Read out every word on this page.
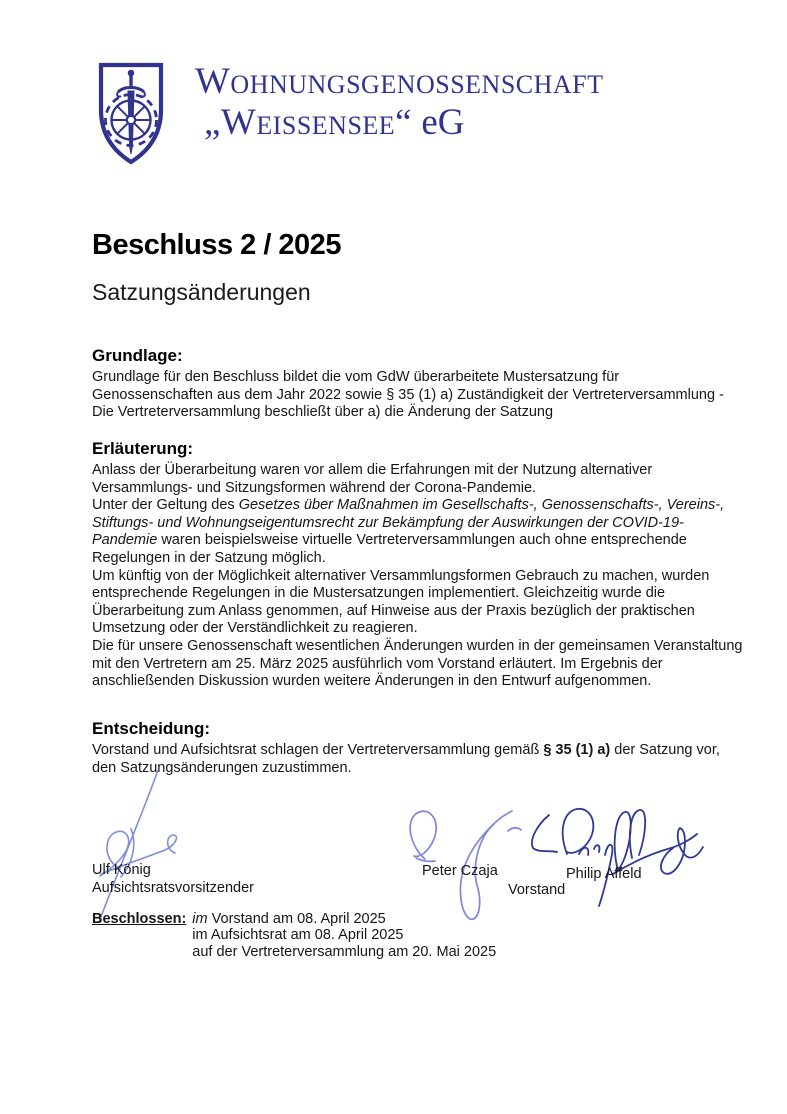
Wohnungsgenossenschaft
„Weissensee“ eG
Beschluss 2 / 2025
Satzungsänderungen
Grundlage:
Grundlage für den Beschluss bildet die vom GdW überarbeitete Mustersatzung für Genossenschaften aus dem Jahr 2022 sowie § 35 (1) a) Zuständigkeit der Vertreterversammlung - Die Vertreterversammlung beschließt über a) die Änderung der Satzung
Erläuterung:
Anlass der Überarbeitung waren vor allem die Erfahrungen mit der Nutzung alternativer Versammlungs- und Sitzungsformen während der Corona-Pandemie.
Unter der Geltung des Gesetzes über Maßnahmen im Gesellschafts-, Genossenschafts-, Vereins-, Stiftungs- und Wohnungseigentumsrecht zur Bekämpfung der Auswirkungen der COVID-19-Pandemie waren beispielsweise virtuelle Vertreterversammlungen auch ohne entsprechende Regelungen in der Satzung möglich.
Um künftig von der Möglichkeit alternativer Versammlungsformen Gebrauch zu machen, wurden entsprechende Regelungen in die Mustersatzungen implementiert. Gleichzeitig wurde die Überarbeitung zum Anlass genommen, auf Hinweise aus der Praxis bezüglich der praktischen Umsetzung oder der Verständlichkeit zu reagieren.
Die für unsere Genossenschaft wesentlichen Änderungen wurden in der gemeinsamen Veranstaltung mit den Vertretern am 25. März 2025 ausführlich vom Vorstand erläutert. Im Ergebnis der anschließenden Diskussion wurden weitere Änderungen in den Entwurf aufgenommen.
Entscheidung:
Vorstand und Aufsichtsrat schlagen der Vertreterversammlung gemäß § 35 (1) a) der Satzung vor, den Satzungsänderungen zuzustimmen.
Ulf König
Aufsichtsratsvorsitzender
Peter Czaja	Philip Affeld
Vorstand
Beschlossen: im Vorstand am 08. April 2025
im Aufsichtsrat am 08. April 2025
auf der Vertreterversammlung am 20. Mai 2025
